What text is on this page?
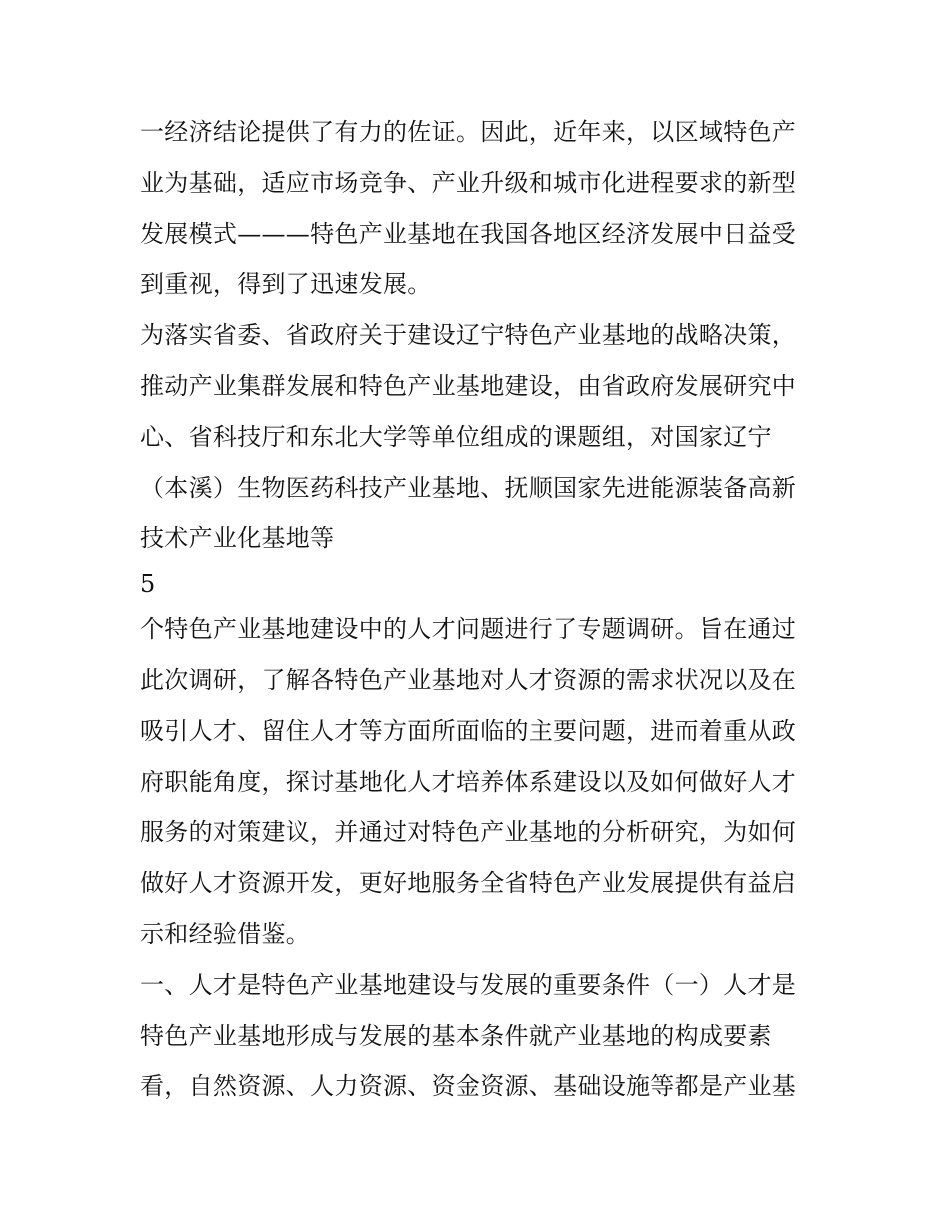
一经济结论提供了有力的佐证。因此，近年来，以区域特色产
业为基础，适应市场竞争、产业升级和城市化进程要求的新型
发展模式———特色产业基地在我国各地区经济发展中日益受
到重视，得到了迅速发展。
为落实省委、省政府关于建设辽宁特色产业基地的战略决策，
推动产业集群发展和特色产业基地建设，由省政府发展研究中
心、省科技厅和东北大学等单位组成的课题组，对国家辽宁
（本溪）生物医药科技产业基地、抚顺国家先进能源装备高新
技术产业化基地等
5
个特色产业基地建设中的人才问题进行了专题调研。旨在通过
此次调研，了解各特色产业基地对人才资源的需求状况以及在
吸引人才、留住人才等方面所面临的主要问题，进而着重从政
府职能角度，探讨基地化人才培养体系建设以及如何做好人才
服务的对策建议，并通过对特色产业基地的分析研究，为如何
做好人才资源开发，更好地服务全省特色产业发展提供有益启
示和经验借鉴。
一、人才是特色产业基地建设与发展的重要条件（一）人才是
特色产业基地形成与发展的基本条件就产业基地的构成要素
看，自然资源、人力资源、资金资源、基础设施等都是产业基
